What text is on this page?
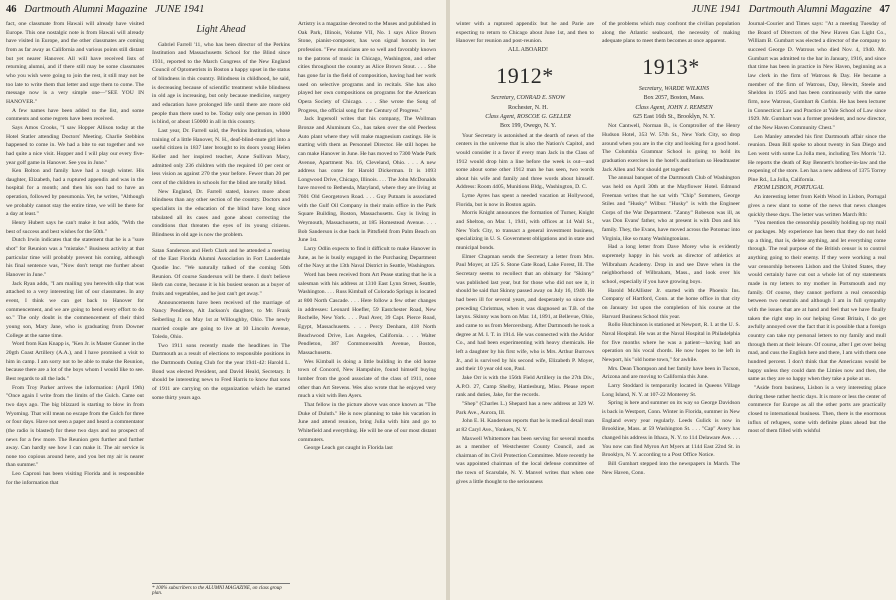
46 Dartmouth Alumni Magazine JUNE 1941

fact, one classmate from Hawaii will already have visited Europe. This one nostalgic note is from Hawaii will already have visited in Europe, and the other classmates are coming from as far away as California and various points still distant but yet nearer Hanover. All will have received lists of returning alumni, and if there still may be some classmates who you wish were going to join the rest, it still may not be too late to write them that letter and urge them to come. The message now is a very simple one—"SEE YOU IN HANOVER."

A few names have been added to the list, and some comments and some regrets have been received.

Says Amos Crooks, "I saw Hopper Allison today at the Hotel Statler attending Doctors' Meeting. Charlie Stebbins happened to come in. We had a bite to eat together and we had quite a nice visit. Hopper and I will play our every five-year golf game in Hanover. See you in June."

Ken Bolton and family have had a tough winter. His daughter, Elizabeth, had a ruptured appendix and was in the hospital for a month; and then his son had to have an operation, followed by pneumonia. Yet, he writes, "Although we probably cannot stay the entire time, we will be there for a day at least."

Henry Hubert says he can't make it but adds, "With the best of success and best wishes for the 50th."

Dutch Irwin indicates that the statement that he is a "sure shot" for Reunion was a "mistake." Business activity at that particular time will probably prevent his coming, although his final sentence was, "Now don't tempt me further about Hanover in June."

Jack Ryan adds, "I am mailing you herewith slip that was attached to a very interesting list of our classmates. In any event, I think we can get back to Hanover for commencement, and we are going to bend every effort to do so." The only doubt is the commencement of their third young son, Mary Jane, who is graduating from Downer College at the same time.

Word from Kan Knapp is, "Ken Jr. is Master Gunner in the 20gth Coast Artillery (A.A.), and I have promised a visit to him in camp. I am sorry not to be able to make the Reunion, because there are a lot of the boys whom I would like to see. Best regards to all the lads."

From Troy Parker arrives the information: (April 19th) "Once again I write from the limits of the Gulch. Came out two days ago. The big blizzard is starting to blow in from Wyoming. That will mean no escape from the Gulch for three or four days. Have not seen a paper and heard a commentator (the radio is blasted) for these two days and no prospect of news for a few more. The Reunion gets further and further away. Can hardly see how I can make it. The air service is none too copious around here, and you bet my air is nearer than summer."

Leo Caproni has been visiting Florida and is responsible for the information that

Light Ahead

Gabriel Farrell '11, who has been director of the Perkins Institution and Massachusetts School for the Blind since 1931, reported to the March Congress of the New England Council of Optometrists in Boston a happy upset in the status of blindness in this country. Blindness in childhood, he said, is decreasing because of scientific treatment while blindness in old age is increasing, but only because medicine, surgery and education have prolonged life until there are more old people than there used to be. Today only one person in 1000 is blind, or about 150000 in all in this country.

Last year, Dr. Farrell said, the Perkins Institution, whose training of a little Hanover, N. H., deaf-blind-mute girl into a useful citizen in 1837 later brought to its doors young Helen Keller and her inspired teacher, Anne Sullivan Macy, admitted only 236 children with the required 10 per cent or less vision as against 270 the year before. Fewer than 20 per cent of the children in schools for the blind are totally blind.

New England, Dr. Farrell stated, knows more about blindness than any other section of the country. Doctors and specialists in the education of the blind have long since tabulated all its cases and gone about correcting the conditions that threaten the eyes of its young citizens. Blindness in old age is now the problem.

Satan Sanderson and Herb Clark and he attended a meeting of the East Florida Alumni Association in Fort Lauderdale Quodie Inc. "We naturally talked of the coming 50th Reunion. Of course Sanderson will be there. I don't believe Herb can come, because it is his busiest season as a buyer of fruits and vegetables, and he just can't get away."

Announcements have been received of the marriage of Nancy Pendleton, Alt Jackson's daughter, to Mr. Frank Seiberling Jr. on May 1st at Willoughby, Ohio. The newly married couple are going to live at 10 Lincoln Avenue, Toledo, Ohio.

Two 1911 sons recently made the headlines in The Dartmouth as a result of elections to responsible positions in the Dartmouth Outing Club for the year 1941-42: Harold L. Bond was elected President, and David Heald, Secretary. It should be interesting news to Fred Harris to know that sons of 1911 are carrying on the organization which he started some thirty years ago.

* 100% subscribers to the ALUMNI MAGAZINE, on class group plan.

Artistry is a magazine devoted to the Muses and published in Oak Park, Illinois, Volume VII, No. 1 says Alice Brown Stone, pianist-composer, has won signal honors in her profession. "Few musicians are so well and favorably known to the patrons of music in Chicago, Washington, and other cities throughout the country as Alice Brown Stout. . . . She has gone far in the field of composition, having had her work used on selective programs and in recitals. She has also played her own compositions on programs for the American Opera Society of Chicago. . . . She wrote the Song of Progress, the official song for the Century of Progress."

Jack Ingersoll writes that his company, The Wollman Bronze and Aluminum Co., has taken over the old Peerless Auto plant where they will make magnesium castings. He is starting with them as Personnel Director. He still hopes he can make Hanover in June. He has moved to 7300 Wade Park Avenue, Apartment No. 16, Cleveland, Ohio. . . . A new address has come for Harold Dickerman. It is 1093 Longwood Drive, Chicago, Illinois. . . . The John McDonalds have moved to Bethesda, Maryland, where they are living at 7601 Old Georgetown Road. . . . Guy Putnam is associated with the Gulf Oil Company in their main office in the Park Square Building, Boston, Massachusetts. Guy is living in Weymouth, Massachusetts, at 185 Homestead Avenue. . . . Bob Sanderson is due back in Pittsfield from Palm Beach on June 1st.

Larry Odlin expects to find it difficult to make Hanover in June, as he is busily engaged in the Purchasing Department of the Navy at the 13th Naval District in Seattle, Washington.

Word has been received from Art Pease stating that he is a salesman with his address at 1310 East Lynn Street, Seattle, Washington. . . . Russ Kimball of Colorado Springs is located at 800 North Cascade. . . . Here follow a few other changes in addresses: Leonard Hoefler, 59 Eastchester Road, New Rochelle, New York. . . . Paul Aver, 39 Capt. Pierce Road, Egypt, Massachusetts. . . . Percy Denham, 418 North Beachwood Drive, Los Angeles, California. . . . Walter Pendleton, 387 Commonwealth Avenue, Boston, Massachusetts.

Wes Kimball is doing a little building in the old home town of Concord, New Hampshire, found himself buying lumber from the good associate of the class of 1911, none other than Art Stevens. Wes also wrote that he enjoyed very much a visit with Ben Ayers.

That fellow in the picture above was once known as "The Duke of Duluth." He is now planning to take his vacation in June and attend reunion, bring Julia with him and go to Whitefield and everything. He will be one of our most distant commuters.

George Leach got caught in Florida last

JUNE 1941 Dartmouth Alumni Magazine 47

winter with a ruptured appendix but he and Parie are expecting to return to Chicago about June 1st, and then to Hanover for reunion and post-reunion.

ALL ABOARD!

1912*

Secretary, CONRAD E. SNOW

Rochester, N. H.

Class Agent, ROSCOE G. GELLER

Box 199, Owego, N. Y.

Your Secretary is astonished at the dearth of news of the centers in the universe that is also the Nation's Capitol, and would consider it a favor if every man Jack in the Class of 1912 would drop him a line before the week is out—and some about some other 1912 man he has seen, two words about his wife and family and three words about himself. Address: Room 4405, Munitions Bldg., Washington, D. C.

Lyme Ayres has spent a needed vacation at Hollywood, Florida, but is now in Boston again.

Morris Knight announces the formation of Turner, Knight and Shelton, on Mar. 1, 1941, with offices at 14 Wall St., New York City, to transact a general investment business, specializing in U. S. Government obligations and in state and municipal bonds.

Elmer Chapman sends the Secretary a letter from Mrs. Paul Moyer, at 125 S. Stone Gate Road, Lake Forest, Ill. The Secretary seems to recollect that an obituary for "Skinny" was published last year, but for those who did not see it, it should be said that Skinny passed away on July 16, 1940. He had been ill for several years, and desperately so since the preceding Christmas, when it was diagnosed as T.B. of the larynx. Skinny was born on Mar. 14, 1891, at Bellevue, Ohio, and came to us from Mercersburg. After Dartmouth he took a degree at M. I. T. in 1914. He was connected with the Aridor Co., and had been experimenting with heavy chemicals. He left a daughter by his first wife, who is Mrs. Arthur Burrows Jr., and is survived by his second wife, Elizabeth P. Moyer, and their 10 year old son, Paul.

Jake Orr is with the 156th Field Artillery in the 27th Div., A.P.O. 27, Camp Shelby, Hattiesburg, Miss. Please report rank and duties, Jake, for the records.

"Shep" (Charles L.) Shepard has a new address at 329 W. Park Ave., Aurora, Ill.

John E. H. Kanderson reports that he is medical detail man at 82 Caryl Ave., Yonkers, N. Y.

Maxwell Whittemore has been serving for several months as a member of Westchester County Council, and as chairman of its Civil Protection Committee. More recently he was appointed chairman of the local defense committee of the town of Scarsdale, N. Y. Manvel writes that when one gives a little thought to the seriousness

of the problems which may confront the civilian population along the Atlantic seaboard, the necessity of making adequate plans to meet them becomes at once apparent.

1913*

Secretary, WARDE WILKINS

Box 2057, Boston, Mass.

Class Agent, JOHN J. REMSEN

625 East 16th St., Brooklyn, N. Y.

Not Cantwell, Norman B., is Comptroller of the Henry Hudson Hotel, 353 W. 57th St., New York City, so drop around when you are in the city and looking for a good hotel. The Columbia Grammar School is going to hold its graduation exercises in the hotel's auditorium so Headmaster Jack Allen and Nor should get together.

The annual banquet of the Dartmouth Club of Washington was held on April 30th at the Mayflower Hotel. Edmund Freeman writes that he sat with "Chip" Sommers, George Stiles and "Husky" Wilbur. "Husky" is with the Engineer Corps of the War Department. "Zanny" Robeson was ill, as was Don Evans' father, who at present is with Don and his family. They, the Evans, have moved across the Potomac into Virginia, like so many Washingtonians.

Had a long letter from Dave Morey who is evidently supremely happy in his work as director of athletics at Wilbraham Academy. Drop in and see Dave when in the neighborhood of Wilbraham, Mass., and look over his school, especially if you have growing boys.

Harold McAllister Jr. started with the Phoenix Ins. Company of Hartford, Conn. at the home office in that city on January 1st upon the completion of his course at the Harvard Business School this year.

Rollo Hutchinson is stationed at Newport, R. I. at the U. S. Naval Hospital. He was at the Naval Hospital in Philadelphia for five months where he was a patient—having had an operation on his vocal chords. He now hopes to be left in Newport, his "old home town," for awhile.

Mrs. Dean Thompson and her family have been in Tucson, Arizona and are moving to California this June.

Larry Stoddard is temporarily located in Queens Village Long Island, N. Y. at 107-22 Monterey St.

Spring is here and summer on its way so George Davidson is back in Westport, Conn. Winter in Florida, summer in New England every year regularly. Leeds Gulick is now in Brookline, Mass. at 59 Washington St. . . . "Cap" Avery has changed his address in Ithaca, N. Y. to 114 Delaware Ave. . . . You now can find Myron Art Myers at 1144 East 22nd St. in Brooklyn, N. Y. according to a Post Office Notice.

Bill Gumbart stepped into the newspapers in March. The New Haven, Conn.

Journal-Courier and Times says: "At a meeting Tuesday of the Board of Directors of the New Haven Gas Light Co., William B. Gumbart was elected a director of the company to succeed George D. Watrous who died Nov. 4, 1940. Mr. Gumbart was admitted to the bar in January, 1916, and since that time has been in practice in New Haven, beginning as a law clerk in the firm of Watrous & Day. He became a member of the firm of Watrous, Day, Hewitt, Steele and Sheldon in 1925 and has been continuously with the same firm, now Watrous, Gumbart & Corbin. He has been lecturer in Connecticut Law and Practice at Yale School of Law since 1929. Mr. Gumbart was a former president, and now director, of the New Haven Community Chest."

Len Manley attended his first Dartmouth affair since the reunion. Dean Bill spoke to about twenty in San Diego and Len went with some La Jolla men, including Tex Morris '12. He reports the death of Ray Bennett's brother-in-law and the reopening of the store. Len has a new address of 1375 Torrey Pine Rd., La Jolla, California.

FROM LISBON, PORTUGAL

An interesting letter from Keith Wood in Lisbon, Portugal gives a new slant to some of the news that news changes quickly these days. The letter was written March 8th:

"You mention the censorship possibly holding up my mail or packages. My experience has been that they do not hold up a thing, that is, delete anything, and let everything come through. The real purpose of the British censor is to control anything going to their enemy. If they were working a real war censorship between Lisbon and the United States, they would certainly have cut out a whole lot of my statements made in my letters to my mother in Portsmouth and my family. Of course, they cannot perform a real censorship between two neutrals and although I am in full sympathy with the issues that are at hand and feel that we have finally taken the right step in our helping Great Britain, I do get awfully annoyed over the fact that it is possible that a foreign country can take my personal letters to my family and mull through them at their leisure. Of course, after I get over being mad, and cuss the English here and there, I am with them one hundred percent. I don't think that the Americans would be happy unless they could dam the Limies now and then, the same as they are so happy when they take a poke at us.

"Aside from business, Lisbon is a very interesting place during these rather hectic days. It is more or less the center of commerce for Europe as all the other ports are practically closed to international business. Then, there is the enormous influx of refugees, some with definite plans ahead but the most of them filled with wishful
